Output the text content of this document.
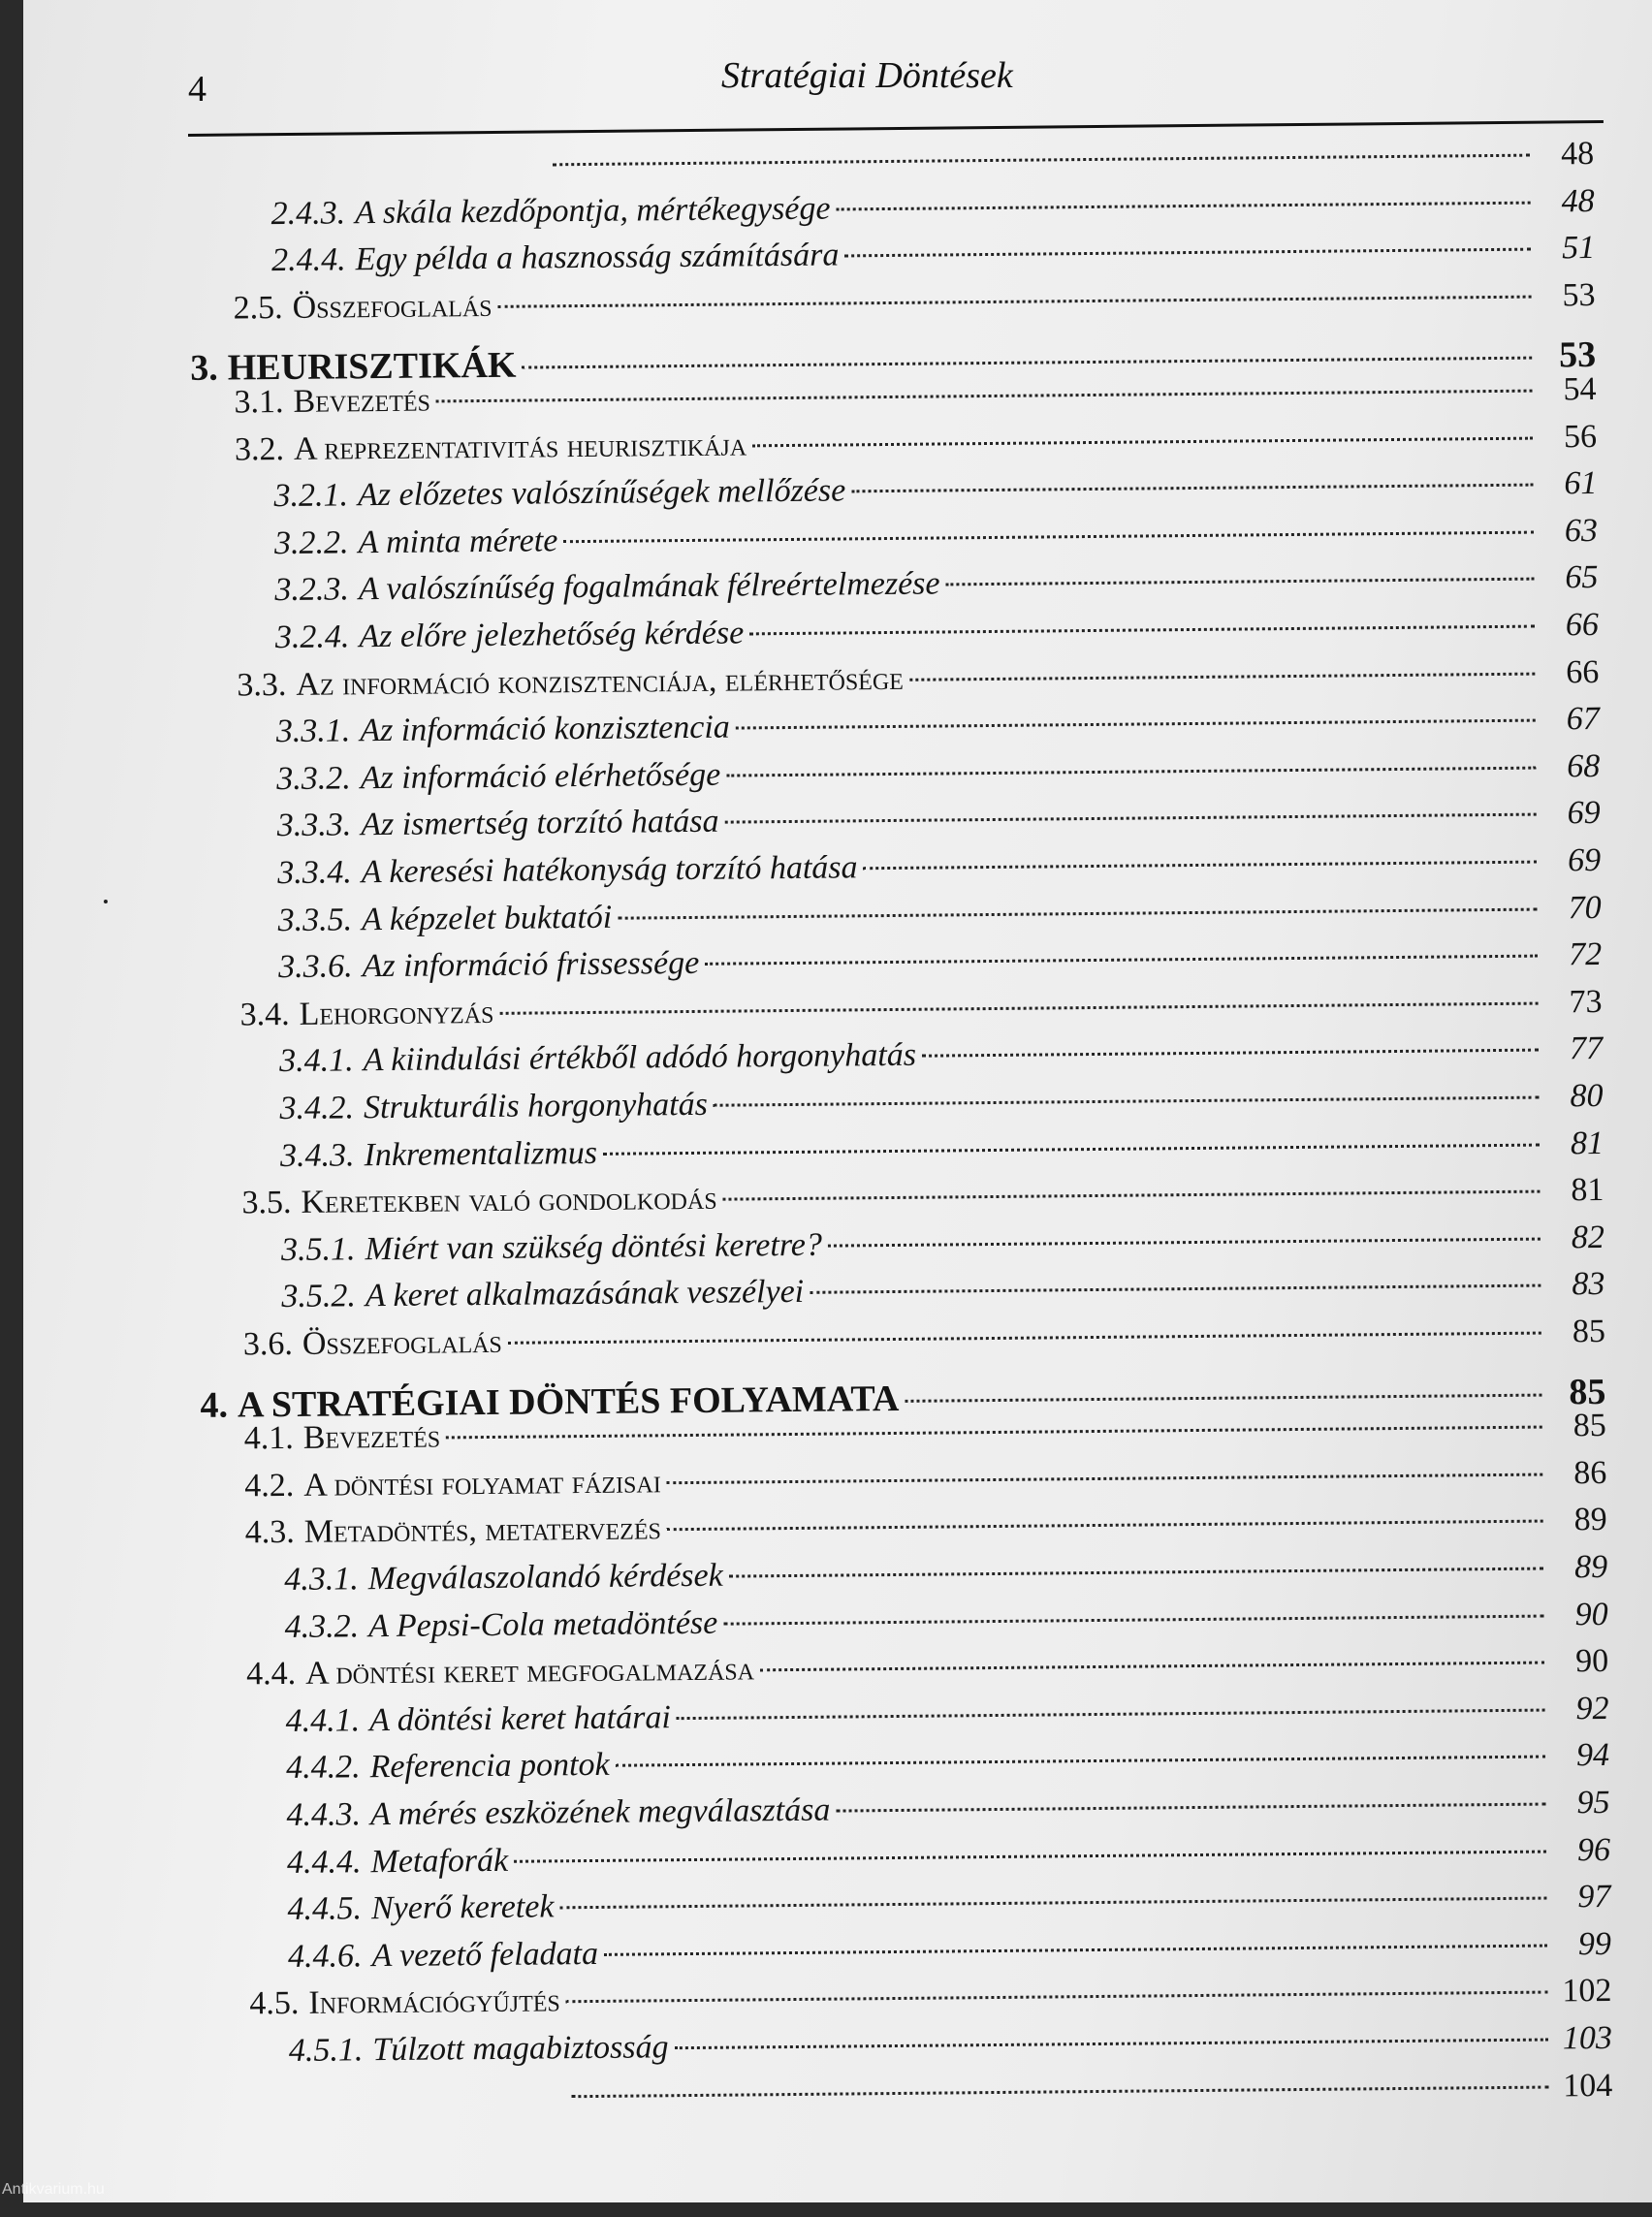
4	Stratégiai Döntések
48
2.4.3. A skála kezdőpontja, mértékegysége	48
2.4.4. Egy példa a hasznosság számítására	51
2.5. Összefoglalás	53
3. HEURISZTIKÁK	53
3.1. Bevezetés	54
3.2. A reprezentativitás heurisztikája	56
3.2.1. Az előzetes valószínűségek mellőzése	61
3.2.2. A minta mérete	63
3.2.3. A valószínűség fogalmának félreértelmezése	65
3.2.4. Az előre jelezhetőség kérdése	66
3.3. Az információ konzisztenciája, elérhetősége	66
3.3.1. Az információ konzisztencia	67
3.3.2. Az információ elérhetősége	68
3.3.3. Az ismertség torzító hatása	69
3.3.4. A keresési hatékonyság torzító hatása	69
3.3.5. A képzelet buktatói	70
3.3.6. Az információ frissessége	72
3.4. Lehorgonyzás	73
3.4.1. A kiindulási értékből adódó horgonyhatás	77
3.4.2. Strukturális horgonyhatás	80
3.4.3. Inkrementalizmus	81
3.5. Keretekben való gondolkodás	81
3.5.1. Miért van szükség döntési keretre?	82
3.5.2. A keret alkalmazásának veszélyei	83
3.6. Összefoglalás	85
4. A STRATÉGIAI DÖNTÉS FOLYAMATA	85
4.1. Bevezetés	85
4.2. A döntési folyamat fázisai	86
4.3. Metadöntés, metatervezés	89
4.3.1. Megválaszolandó kérdések	89
4.3.2. A Pepsi-Cola metadöntése	90
4.4. A döntési keret megfogalmazása	90
4.4.1. A döntési keret határai	92
4.4.2. Referencia pontok	94
4.4.3. A mérés eszközének megválasztása	95
4.4.4. Metaforák	96
4.4.5. Nyerő keretek	97
4.4.6. A vezető feladata	99
4.5. Információgyűjtés	102
4.5.1. Túlzott magabiztosság	103
104
Antikvarium.hu
